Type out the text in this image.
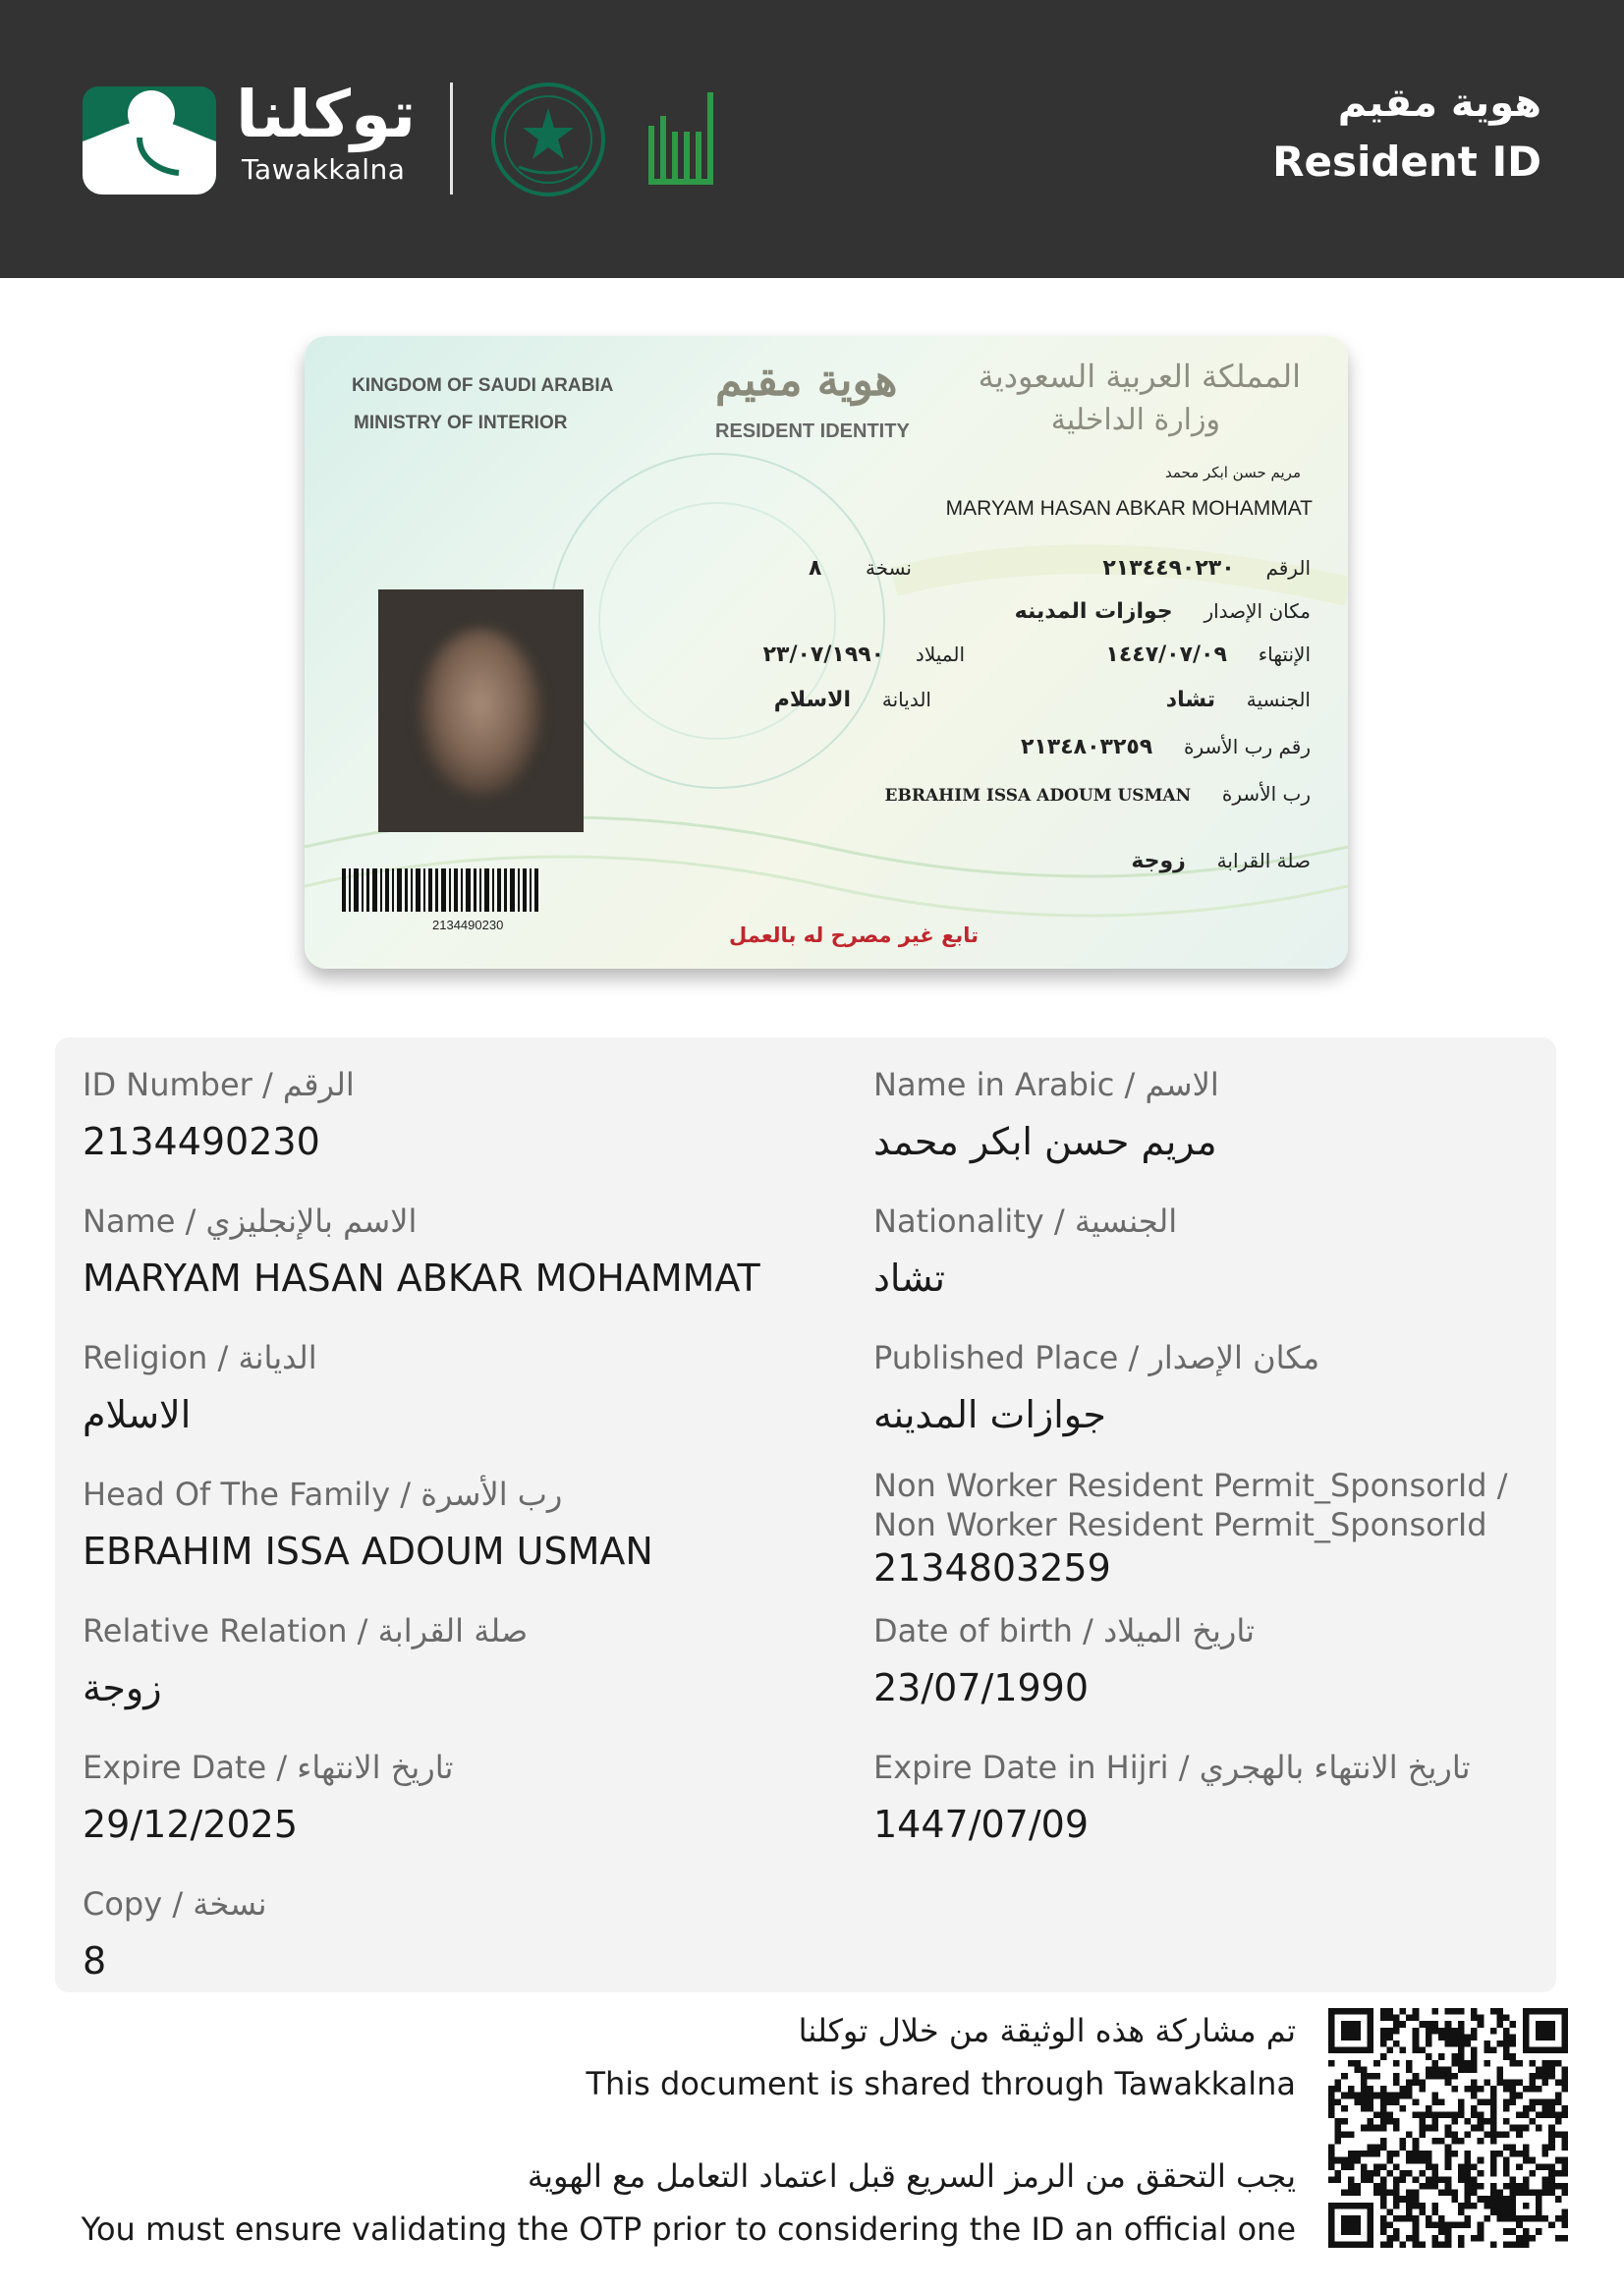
توكلنا
Tawakkalna
هوية مقيم
Resident ID
KINGDOM OF SAUDI ARABIA
MINISTRY OF INTERIOR
هوية مقيم
RESIDENT IDENTITY
المملكة العربية السعودية
وزارة الداخلية
مريم حسن ابكر محمد
MARYAM HASAN ABKAR MOHAMMAT
الرقم     ٢١٣٤٤٩٠٢٣٠
نسخة       ٨
مكان الإصدار     جوازات المدينه
الإنتهاء     ١٤٤٧/٠٧/٠٩
الميلاد     ٢٣/٠٧/١٩٩٠
الجنسية     تشاد
الديانة     الاسلام
رقم رب الأسرة     ٢١٣٤٨٠٣٢٥٩
رب الأسرة     EBRAHIM ISSA ADOUM USMAN
صلة القرابة     زوجة
2134490230	تابع غير مصرح له بالعمل
ID Number / الرقم
2134490230
Name in Arabic / الاسم
مريم حسن ابكر محمد
Name / الاسم بالإنجليزي
MARYAM HASAN ABKAR MOHAMMAT
Nationality / الجنسية
تشاد
Religion / الديانة
الاسلام
Published Place / مكان الإصدار
جوازات المدينه
Head Of The Family / رب الأسرة
EBRAHIM ISSA ADOUM USMAN
Non Worker Resident Permit_SponsorId /
Non Worker Resident Permit_SponsorId
2134803259
Relative Relation / صلة القرابة
زوجة
Date of birth / تاريخ الميلاد
23/07/1990
Expire Date / تاريخ الانتهاء
29/12/2025
Expire Date in Hijri / تاريخ الانتهاء بالهجري
1447/07/09
Copy / نسخة
8
تم مشاركة هذه الوثيقة من خلال توكلنا
This document is shared through Tawakkalna
يجب التحقق من الرمز السريع قبل اعتماد التعامل مع الهوية
You must ensure validating the OTP prior to considering the ID an official one
